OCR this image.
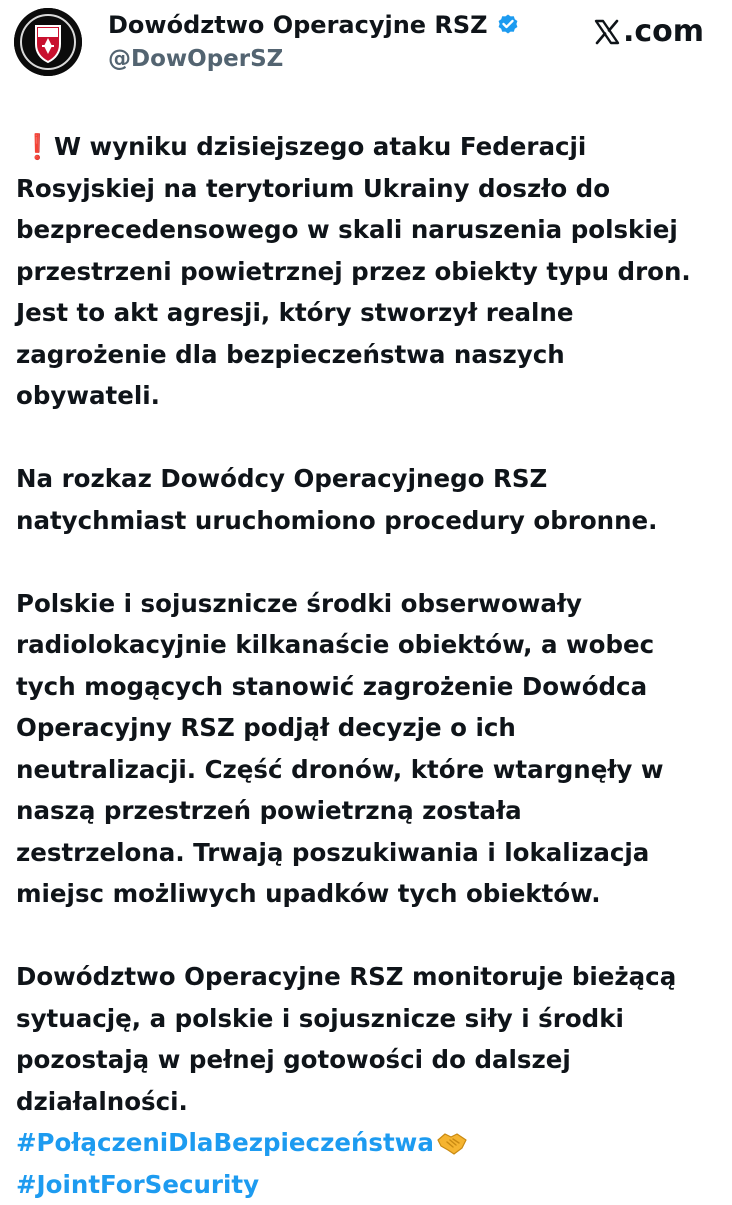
Dowództwo Operacyjne RSZ
@DowOperSZ
.com

❗W wyniku dzisiejszego ataku Federacji
Rosyjskiej na terytorium Ukrainy doszło do
bezprecedensowego w skali naruszenia polskiej
przestrzeni powietrznej przez obiekty typu dron.
Jest to akt agresji, który stworzył realne
zagrożenie dla bezpieczeństwa naszych
obywateli.

Na rozkaz Dowódcy Operacyjnego RSZ
natychmiast uruchomiono procedury obronne.

Polskie i sojusznicze środki obserwowały
radiolokacyjnie kilkanaście obiektów, a wobec
tych mogących stanowić zagrożenie Dowódca
Operacyjny RSZ podjął decyzje o ich
neutralizacji. Część dronów, które wtargnęły w
naszą przestrzeń powietrzną została
zestrzelona. Trwają poszukiwania i lokalizacja
miejsc możliwych upadków tych obiektów.

Dowództwo Operacyjne RSZ monitoruje bieżącą
sytuację, a polskie i sojusznicze siły i środki
pozostają w pełnej gotowości do dalszej
działalności.

#PołączeniDlaBezpieczeństwa

#JointForSecurity
